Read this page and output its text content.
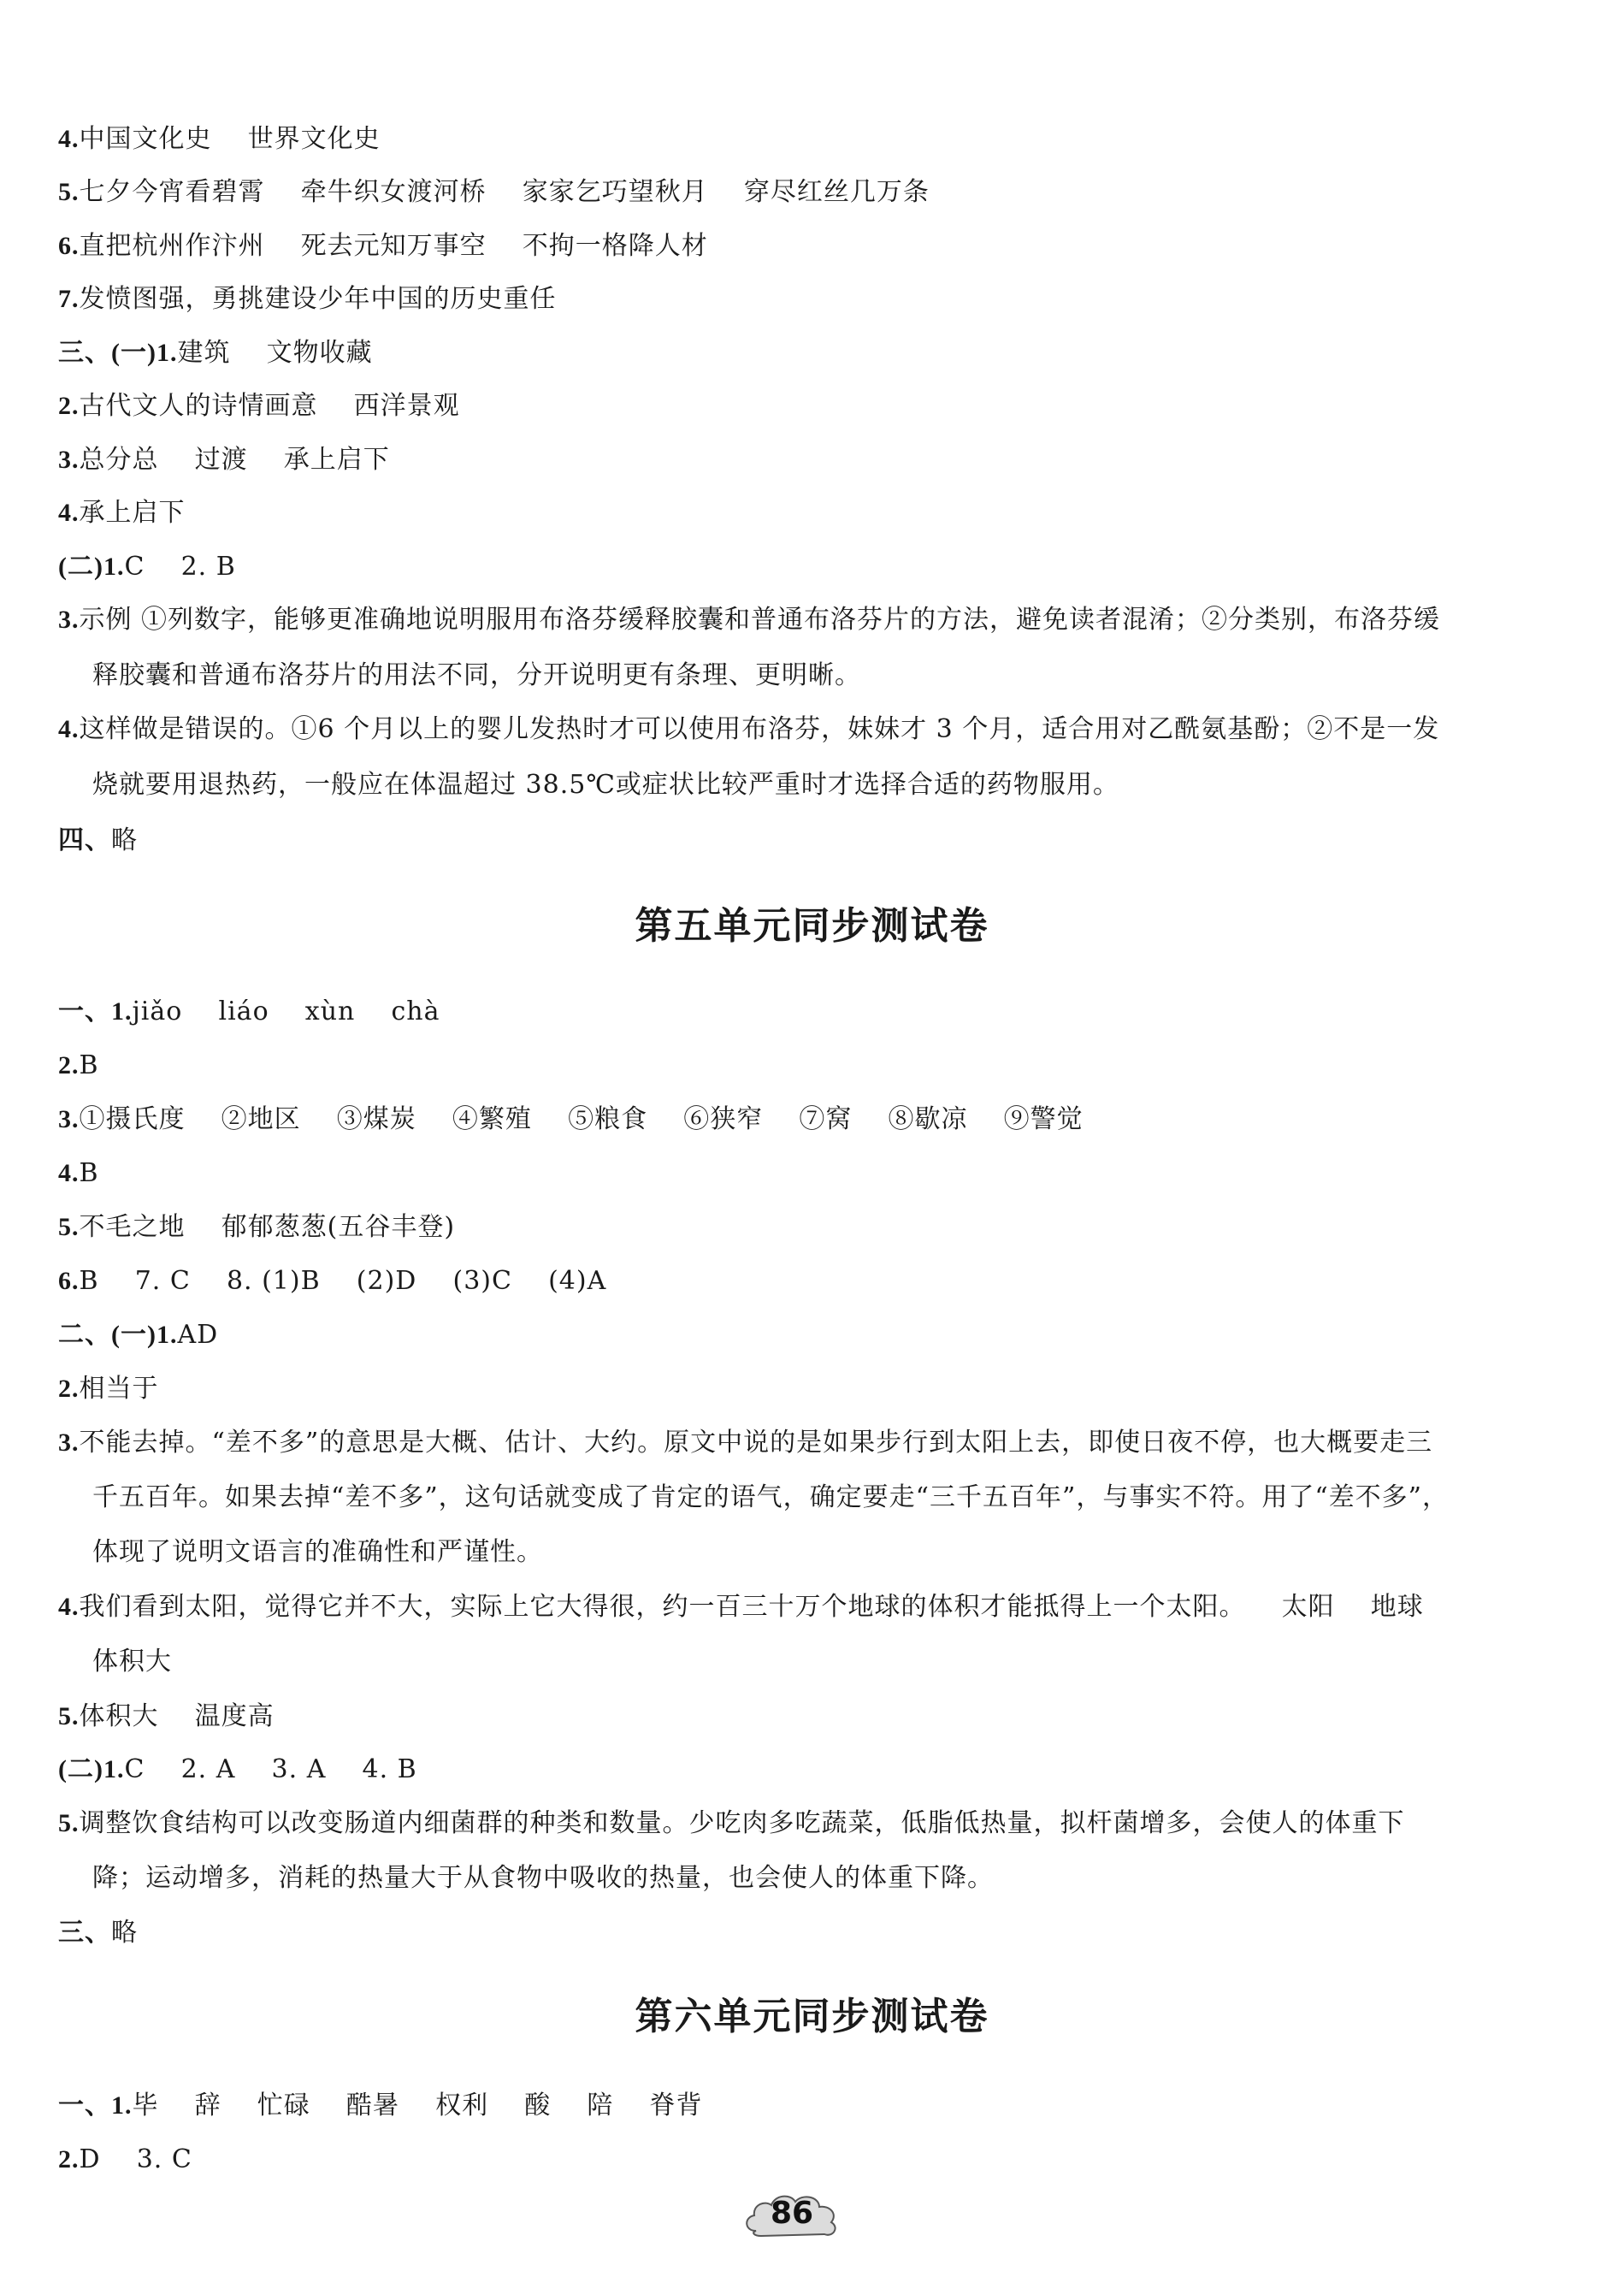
4.中国文化史    世界文化史
5.七夕今宵看碧霄    牵牛织女渡河桥    家家乞巧望秋月    穿尽红丝几万条
6.直把杭州作汴州    死去元知万事空    不拘一格降人材
7.发愤图强，勇挑建设少年中国的历史重任
三、(一)1.建筑    文物收藏
2.古代文人的诗情画意    西洋景观
3.总分总    过渡    承上启下
4.承上启下
(二)1.C    2. B
3.示例 ①列数字，能够更准确地说明服用布洛芬缓释胶囊和普通布洛芬片的方法，避免读者混淆；②分类别，布洛芬缓
释胶囊和普通布洛芬片的用法不同，分开说明更有条理、更明晰。
4.这样做是错误的。①6 个月以上的婴儿发热时才可以使用布洛芬，妹妹才 3 个月，适合用对乙酰氨基酚；②不是一发
烧就要用退热药，一般应在体温超过 38.5℃或症状比较严重时才选择合适的药物服用。
四、略
第五单元同步测试卷
一、1.jiǎo    liáo    xùn    chà
2.B
3.①摄氏度    ②地区    ③煤炭    ④繁殖    ⑤粮食    ⑥狭窄    ⑦窝    ⑧歇凉    ⑨警觉
4.B
5.不毛之地    郁郁葱葱(五谷丰登)
6.B    7. C    8. (1)B    (2)D    (3)C    (4)A
二、(一)1.AD
2.相当于
3.不能去掉。“差不多”的意思是大概、估计、大约。原文中说的是如果步行到太阳上去，即使日夜不停，也大概要走三
千五百年。如果去掉“差不多”，这句话就变成了肯定的语气，确定要走“三千五百年”，与事实不符。用了“差不多”，
体现了说明文语言的准确性和严谨性。
4.我们看到太阳，觉得它并不大，实际上它大得很，约一百三十万个地球的体积才能抵得上一个太阳。    太阳    地球
体积大
5.体积大    温度高
(二)1.C    2. A    3. A    4. B
5.调整饮食结构可以改变肠道内细菌群的种类和数量。少吃肉多吃蔬菜，低脂低热量，拟杆菌增多，会使人的体重下
降；运动增多，消耗的热量大于从食物中吸收的热量，也会使人的体重下降。
三、略
第六单元同步测试卷
一、1.毕    辞    忙碌    酷暑    权利    酸    陪    脊背
2.D    3. C
86
